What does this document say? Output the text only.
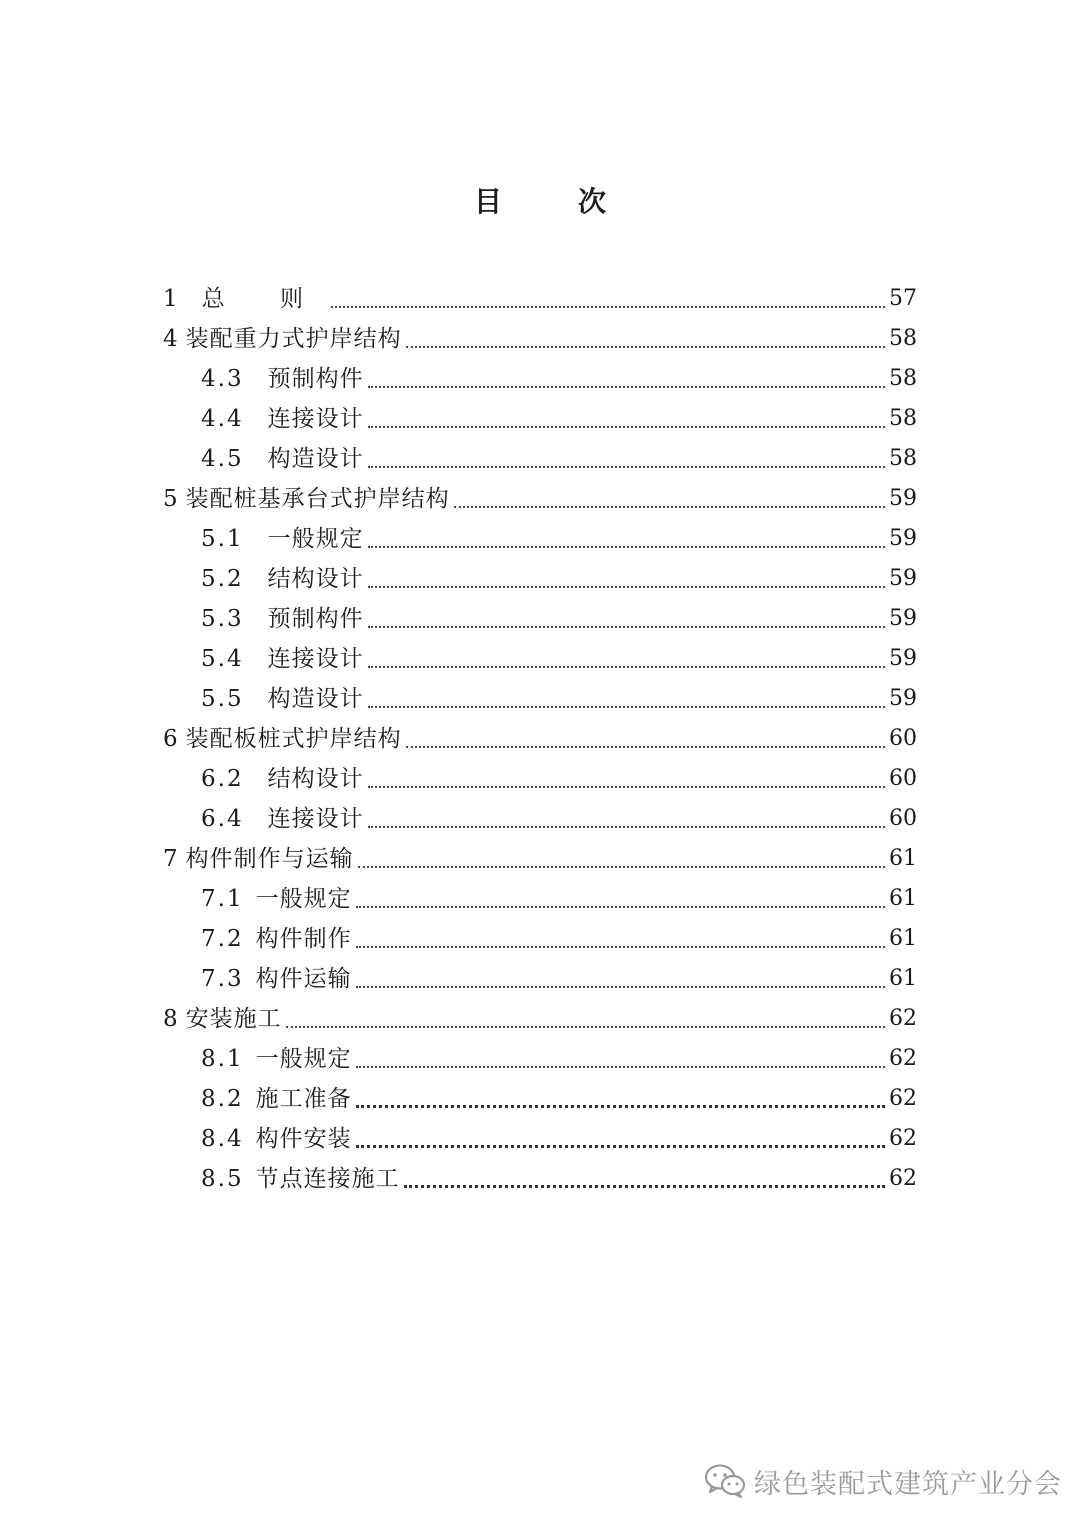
目　次
1	总 则	57
4 装配重力式护岸结构	58
4.3 预制构件	58
4.4 连接设计	58
4.5 构造设计	58
5 装配桩基承台式护岸结构	59
5.1 一般规定	59
5.2 结构设计	59
5.3 预制构件	59
5.4 连接设计	59
5.5 构造设计	59
6 装配板桩式护岸结构	60
6.2 结构设计	60
6.4 连接设计	60
7 构件制作与运输	61
7.1 一般规定	61
7.2 构件制作	61
7.3 构件运输	61
8 安装施工	62
8.1 一般规定	62
8.2 施工准备	62
8.4 构件安装	62
8.5 节点连接施工	62
绿色装配式建筑产业分会
